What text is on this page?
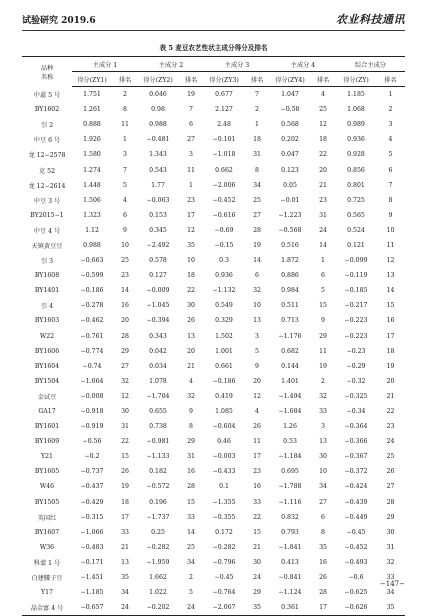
试验研究 2019.6	农业科技通讯
表 5 麦豆农艺性状主成分得分及排名
品种
名称	主成分 1		主成分 2		主成分 3		主成分 4		综合主成分	
	得分(ZY1)	排名	得分(ZY2)	排名	得分(ZY3)	排名	得分(ZY4)	排名	得分(ZY)	排名
中蕊 5 号	1.751	2	0.046	19	0.677	7	1.047	4	1.185	1
BY1602	1.261	8	0.98	7	2.127	2	−0.58	25	1.068	2
引 2	0.888	11	0.988	6	2.48	1	0.568	12	0.989	3
中豆 6 号	1.926	1	−0.481	27	−0.101	18	0.202	18	0.936	4
龙 12−2578	1.580	3	1.343	3	−1.018	31	0.047	22	0.928	5
克 52	1.274	7	0.543	11	0.662	8	0.123	20	0.856	6
龙 12−2614	1.448	5	1.77	1	−2.006	34	0.05	21	0.801	7
中豆 3 号	1.506	4	−0.063	23	−0.452	25	−0.01	23	0.725	8
BY2015−1	1.323	6	0.153	17	−0.616	27	−1.223	31	0.565	9
中豆 4 号	1.12	9	0.345	12	−0.69	28	−0.568	24	0.524	10
天镇黄豆豆	0.988	10	−2.492	35	−0.15	19	0.516	14	0.121	11
引 3	−0.663	25	0.578	10	0.3	14	1.872	1	−0.099	12
BY1608	−0.599	23	0.127	18	0.936	6	0.886	6	−0.119	13
BY1401	−0.186	14	−0.009	22	−1.132	32	0.984	5	−0.185	14
引 4	−0.278	16	−1.045	30	0.549	10	0.511	15	−0.217	15
BY1603	−0.462	20	−0.394	26	0.329	13	0.713	9	−0.223	16
W22	−0.761	28	0.343	13	1.502	3	−1.176	29	−0.223	17
BY1606	−0.774	29	0.042	20	1.001	5	0.682	11	−0.23	18
BY1604	−0.74	27	0.034	21	0.661	9	0.144	19	−0.29	19
BY1504	−1.064	32	1.078	4	−0.186	20	1.401	2	−0.32	20
金试豆	−0.008	12	−1.704	32	0.419	12	−1.494	32	−0.325	21
GA17	−0.918	30	0.655	9	1.085	4	−1.684	33	−0.34	22
BY1601	−0.919	31	0.738	8	−0.604	26	1.26	3	−0.364	23
BY1609	−0.56	22	−0.981	29	0.46	11	0.53	13	−0.366	24
Y21	−0.2	15	−1.133	31	−0.003	17	−1.184	30	−0.367	25
BY1605	−0.737	26	0.182	16	−0.433	23	0.695	10	−0.372	26
W46	−0.437	19	−0.572	28	0.1	16	−1.788	34	−0.424	27
BY1505	−0.429	18	0.196	15	−1.355	33	−1.116	27	−0.439	28
英国红	−0.315	17	−1.737	33	−0.355	22	0.832	6	−0.449	29
BY1607	−1.066	33	0.25	14	0.172	15	0.793	8	−0.45	30
W36	−0.483	21	−0.282	25	−0.282	21	−1.841	35	−0.452	31
科蒙 1 号	−0.171	13	−1.959	34	−0.796	30	0.413	16	−0.493	32
白建腰子豆	−1.451	35	1.662	2	−0.45	24	−0.841	26	−0.6	33
Y17	−1.185	34	1.022	5	−0.764	29	−1.124	28	−0.625	34
晶金富 4 号	−0.657	24	−0.202	24	−2.067	35	0.361	17	−0.626	35
−147−
